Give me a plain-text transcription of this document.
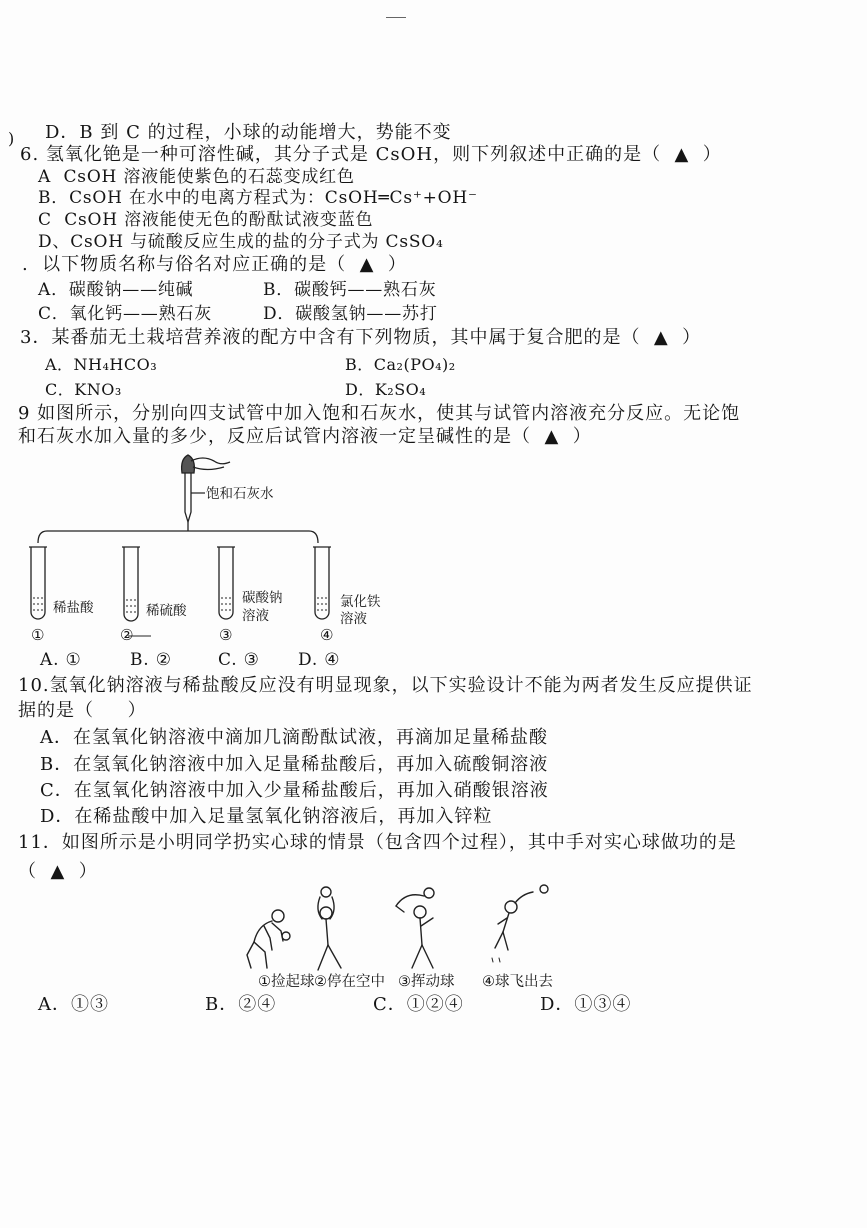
) D．B 到 C 的过程，小球的动能增大，势能不变
6. 氢氧化铯是一种可溶性碱，其分子式是 CsOH，则下列叙述中正确的是（  ▲  ）
A  CsOH 溶液能使紫色的石蕊变成红色
B．CsOH 在水中的电离方程式为：CsOH═Cs⁺+OH⁻
C  CsOH 溶液能使无色的酚酞试液变蓝色
D、CsOH 与硫酸反应生成的盐的分子式为 CsSO₄
.  以下物质名称与俗名对应正确的是（  ▲  ）
A．碳酸钠——纯碱	B．碳酸钙——熟石灰
C．氧化钙——熟石灰	D．碳酸氢钠——苏打
3．某番茄无土栽培营养液的配方中含有下列物质，其中属于复合肥的是（  ▲  ）
A．NH₄HCO₃	B．Ca₂(PO₄)₂
C．KNO₃	D．K₂SO₄
9 如图所示，分别向四支试管中加入饱和石灰水，使其与试管内溶液充分反应。无论饱
和石灰水加入量的多少，反应后试管内溶液一定呈碱性的是（  ▲  ）
饱和石灰水
稀盐酸	稀硫酸
碳酸钠
溶液
氯化铁
溶液
①	②	③	④
A. ①	B. ②	C. ③ D. ④
10.氢氧化钠溶液与稀盐酸反应没有明显现象，以下实验设计不能为两者发生反应提供证
据的是（     ）
A．在氢氧化钠溶液中滴加几滴酚酞试液，再滴加足量稀盐酸
B．在氢氧化钠溶液中加入足量稀盐酸后，再加入硫酸铜溶液
C．在氢氧化钠溶液中加入少量稀盐酸后，再加入硝酸银溶液
D．在稀盐酸中加入足量氢氧化钠溶液后，再加入锌粒
11．如图所示是小明同学扔实心球的情景（包含四个过程），其中手对实心球做功的是
（  ▲  ）
①捡起球 ②停在空中 ③挥动球 ④球飞出去
A．①③	B．②④	C．①②④	D．①③④
